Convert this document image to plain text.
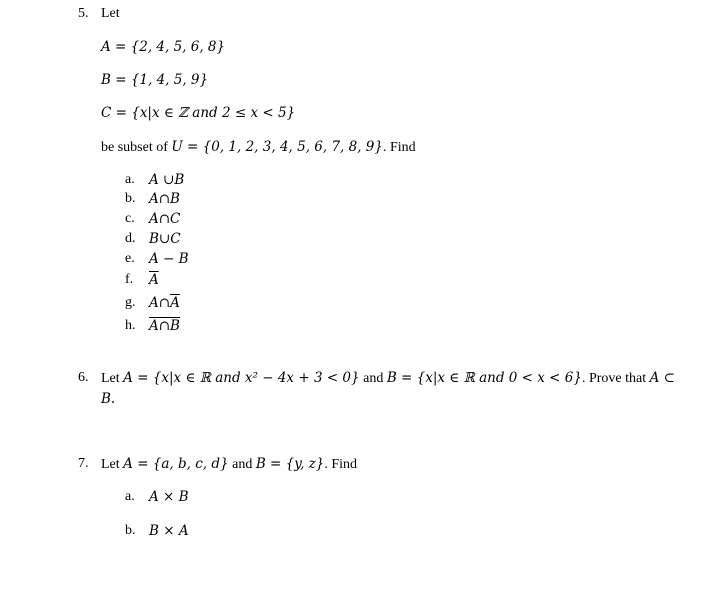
5. Let
A = {2, 4, 5, 6, 8}
B = {1, 4, 5, 9}
C = {x|x ∈ ℤ and 2 ≤ x < 5}
be subset of U = {0, 1, 2, 3, 4, 5, 6, 7, 8, 9}. Find
a. A ∪B
b. A∩B
c. A∩C
d. B∪C
e. A − B
f. $\overline{A}$
g. $A\cap\overline{A}$
h. A∩B
6. Let A = {x|x ∈ ℝ and x² − 4x + 3 < 0} and B = {x|x ∈ ℝ and 0 < x < 6}. Prove that A ⊂
B.
7. Let A = {a, b, c, d} and B = {y, z}. Find
a. A × B
b. B × A
